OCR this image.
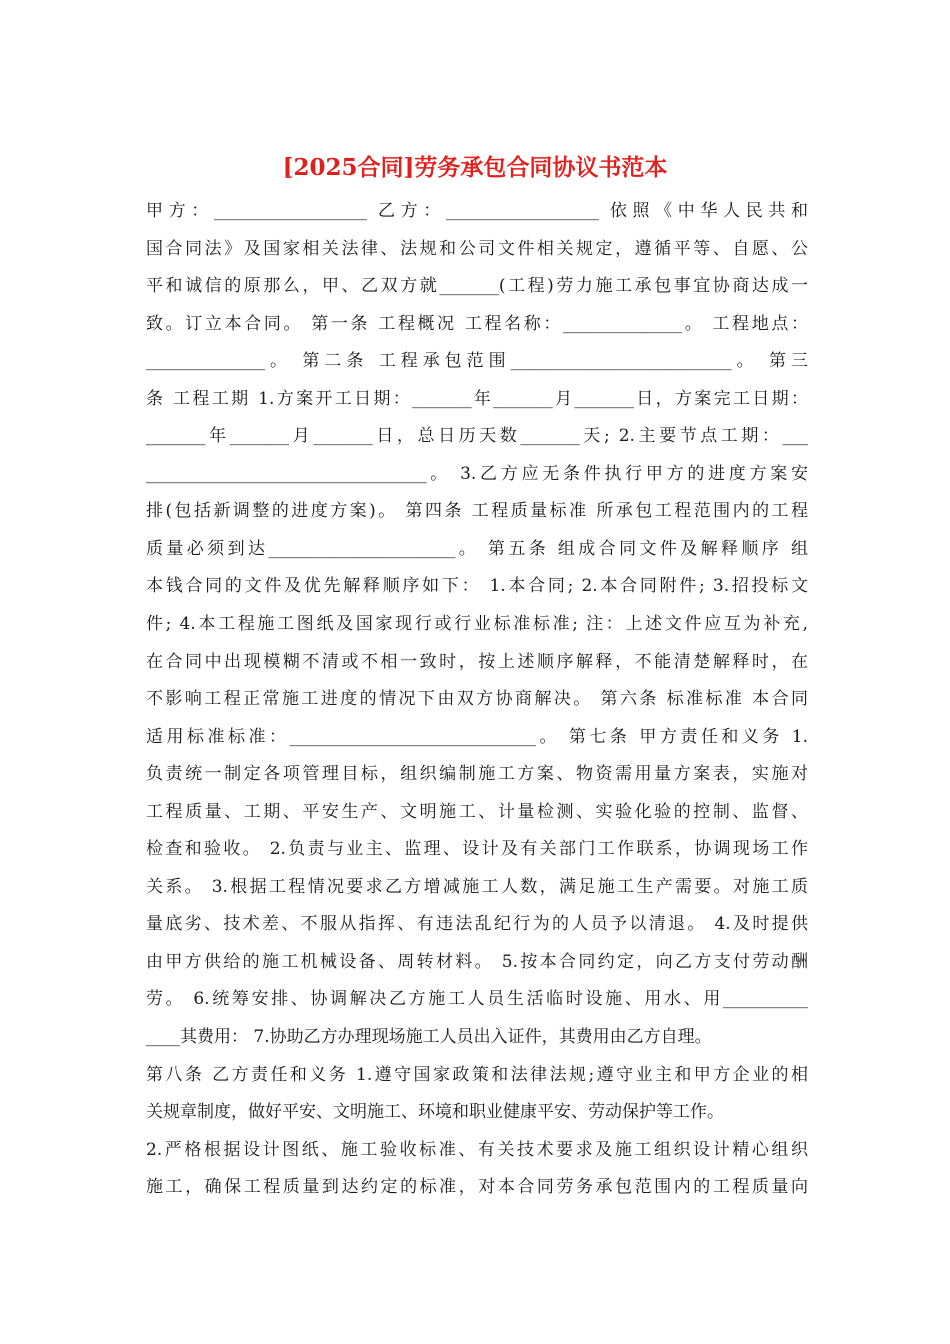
[2025合同]劳务承包合同协议书范本
甲方：__________________ 乙方：__________________ 依照《中华人民共和
国合同法》及国家相关法律、法规和公司文件相关规定，遵循平等、自愿、公
平和诚信的原那么，甲、乙双方就_______(工程)劳力施工承包事宜协商达成一
致。订立本合同。 第一条 工程概况 工程名称：______________。 工程地点：
______________。 第二条 工程承包范围__________________________。 第三
条 工程工期 1.方案开工日期：_______年_______月_______日，方案完工日期：
_______年_______月_______日，总日历天数_______天; 2.主要节点工期：___
_________________________________。 3.乙方应无条件执行甲方的进度方案安
排(包括新调整的进度方案)。 第四条 工程质量标准 所承包工程范围内的工程
质量必须到达______________________。 第五条 组成合同文件及解释顺序 组
本钱合同的文件及优先解释顺序如下： 1.本合同; 2.本合同附件; 3.招投标文
件; 4.本工程施工图纸及国家现行或行业标准标准; 注：上述文件应互为补充,
在合同中出现模糊不清或不相一致时，按上述顺序解释，不能清楚解释时，在
不影响工程正常施工进度的情况下由双方协商解决。 第六条 标准标准 本合同
适用标准标准：_____________________________。 第七条 甲方责任和义务 1.
负责统一制定各项管理目标，组织编制施工方案、物资需用量方案表，实施对
工程质量、工期、平安生产、文明施工、计量检测、实验化验的控制、监督、
检查和验收。 2.负责与业主、监理、设计及有关部门工作联系，协调现场工作
关系。 3.根据工程情况要求乙方增减施工人数，满足施工生产需要。对施工质
量底劣、技术差、不服从指挥、有违法乱纪行为的人员予以清退。 4.及时提供
由甲方供给的施工机械设备、周转材料。 5.按本合同约定，向乙方支付劳动酬
劳。 6.统筹安排、协调解决乙方施工人员生活临时设施、用水、用__________
____其费用： 7.协助乙方办理现场施工人员出入证件，其费用由乙方自理。
第八条 乙方责任和义务 1.遵守国家政策和法律法规;遵守业主和甲方企业的相
关规章制度，做好平安、文明施工、环境和职业健康平安、劳动保护等工作。
2.严格根据设计图纸、施工验收标准、有关技术要求及施工组织设计精心组织
施工，确保工程质量到达约定的标准，对本合同劳务承包范围内的工程质量向
